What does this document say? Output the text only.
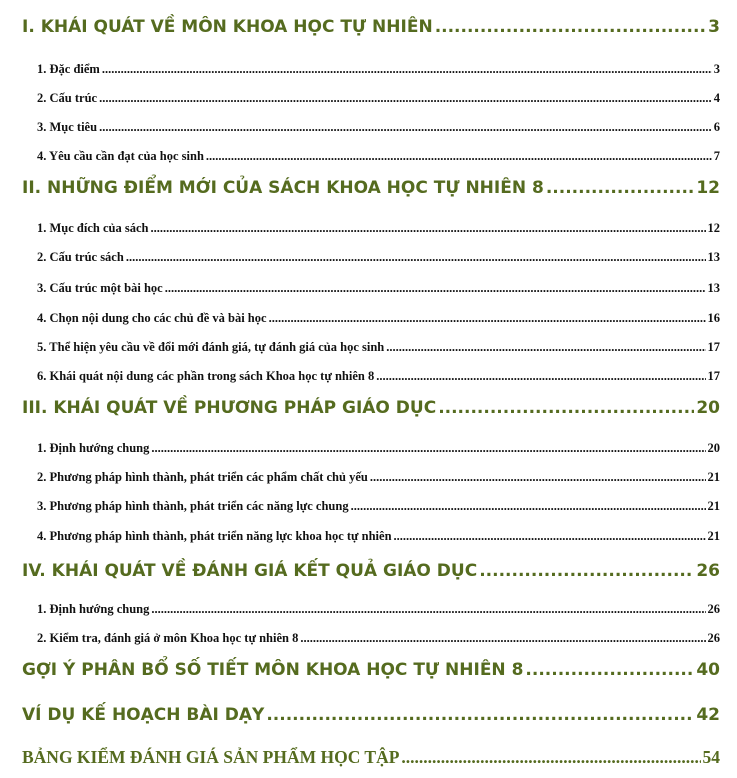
I. KHÁI QUÁT VỀ MÔN KHOA HỌC TỰ NHIÊN .....	3
1. Đặc điểm .....	3
2. Cấu trúc .....	4
3. Mục tiêu .....	6
4. Yêu cầu cần đạt của học sinh .....	7
II. NHỮNG ĐIỂM MỚI CỦA SÁCH KHOA HỌC TỰ NHIÊN 8 .....	12
1. Mục đích của sách .....	12
2. Cấu trúc sách .....	13
3. Cấu trúc một bài học .....	13
4. Chọn nội dung cho các chủ đề và bài học .....	16
5. Thể hiện yêu cầu về đổi mới đánh giá, tự đánh giá của học sinh .....	17
6. Khái quát nội dung các phần trong sách Khoa học tự nhiên 8 .....	17
III. KHÁI QUÁT VỀ PHƯƠNG PHÁP GIÁO DỤC .....	20
1. Định hướng chung .....	20
2. Phương pháp hình thành, phát triển các phẩm chất chủ yếu .....	21
3. Phương pháp hình thành, phát triển các năng lực chung .....	21
4. Phương pháp hình thành, phát triển năng lực khoa học tự nhiên .....	21
IV. KHÁI QUÁT VỀ ĐÁNH GIÁ KẾT QUẢ GIÁO DỤC .....	26
1. Định hướng chung .....	26
2. Kiểm tra, đánh giá ở môn Khoa học tự nhiên 8 .....	26
GỢI Ý PHÂN BỔ SỐ TIẾT MÔN KHOA HỌC TỰ NHIÊN 8 .....	40
VÍ DỤ KẾ HOẠCH BÀI DẠY .....	42
BẢNG KIỂM ĐÁNH GIÁ SẢN PHẨM HỌC TẬP .....	54
